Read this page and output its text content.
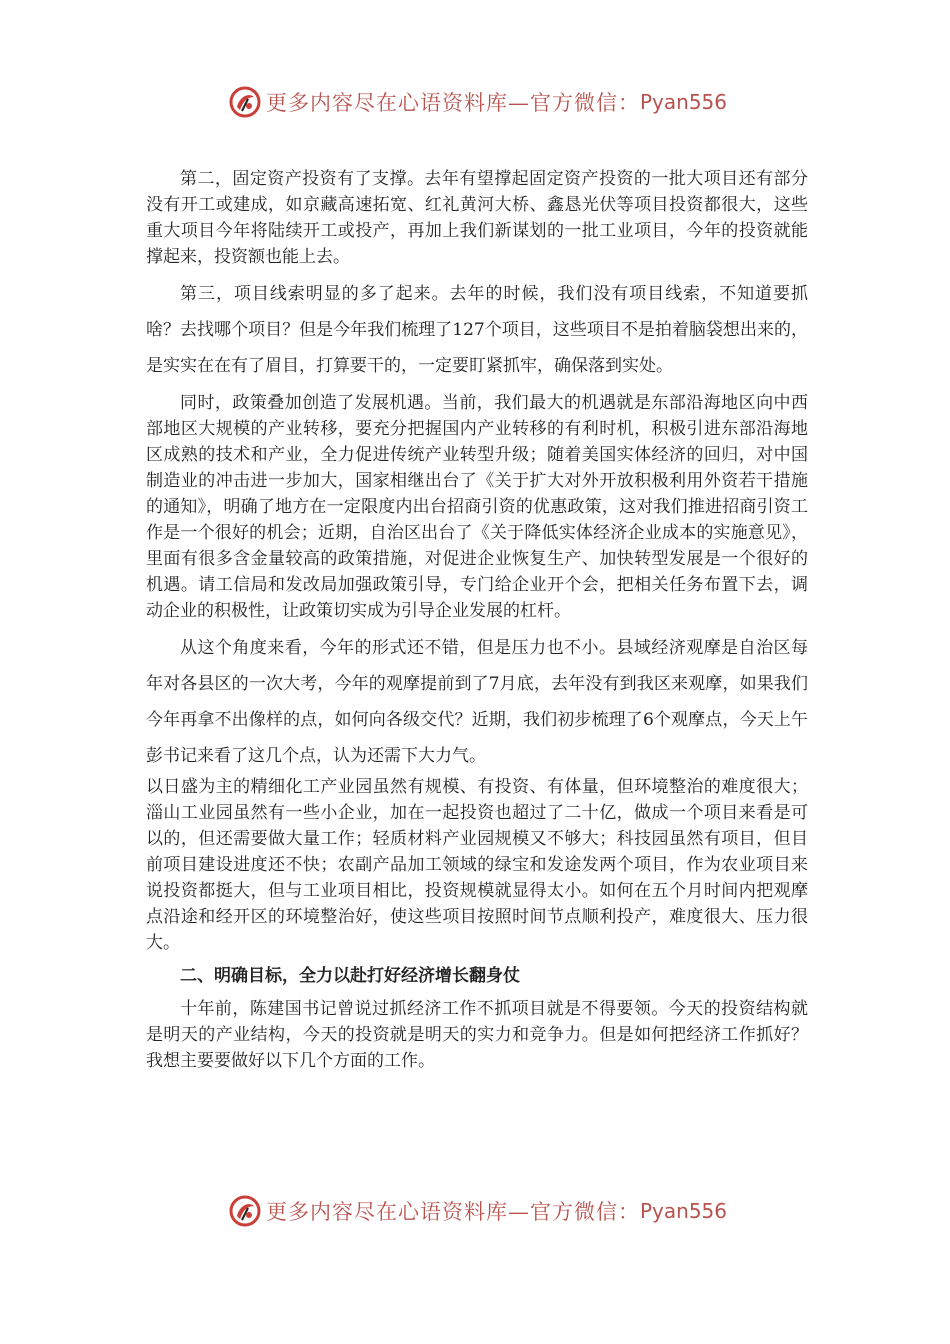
更多内容尽在心语资料库—官方微信： Pyan556

第二，固定资产投资有了支撑。去年有望撑起固定资产投资的一批大项目还有部分没有开工或建成，如京藏高速拓宽、红礼黄河大桥、鑫恳光伏等项目投资都很大，这些重大项目今年将陆续开工或投产，再加上我们新谋划的一批工业项目，今年的投资就能撑起来，投资额也能上去。

第三，项目线索明显的多了起来。去年的时候，我们没有项目线索，不知道要抓啥？去找哪个项目？但是今年我们梳理了127个项目，这些项目不是拍着脑袋想出来的，是实实在在有了眉目，打算要干的，一定要盯紧抓牢，确保落到实处。

同时，政策叠加创造了发展机遇。当前，我们最大的机遇就是东部沿海地区向中西部地区大规模的产业转移，要充分把握国内产业转移的有利时机，积极引进东部沿海地区成熟的技术和产业，全力促进传统产业转型升级；随着美国实体经济的回归，对中国制造业的冲击进一步加大，国家相继出台了《关于扩大对外开放积极利用外资若干措施的通知》，明确了地方在一定限度内出台招商引资的优惠政策，这对我们推进招商引资工作是一个很好的机会；近期，自治区出台了《关于降低实体经济企业成本的实施意见》，里面有很多含金量较高的政策措施，对促进企业恢复生产、加快转型发展是一个很好的机遇。请工信局和发改局加强政策引导，专门给企业开个会，把相关任务布置下去，调动企业的积极性，让政策切实成为引导企业发展的杠杆。

从这个角度来看，今年的形式还不错，但是压力也不小。县域经济观摩是自治区每年对各县区的一次大考，今年的观摩提前到了7月底，去年没有到我区来观摩，如果我们今年再拿不出像样的点，如何向各级交代？近期，我们初步梳理了6个观摩点，今天上午彭书记来看了这几个点，认为还需下大力气。

以日盛为主的精细化工产业园虽然有规模、有投资、有体量，但环境整治的难度很大；淄山工业园虽然有一些小企业，加在一起投资也超过了二十亿，做成一个项目来看是可以的，但还需要做大量工作；轻质材料产业园规模又不够大；科技园虽然有项目，但目前项目建设进度还不快；农副产品加工领域的绿宝和发途发两个项目，作为农业项目来说投资都挺大，但与工业项目相比，投资规模就显得太小。如何在五个月时间内把观摩点沿途和经开区的环境整治好，使这些项目按照时间节点顺利投产，难度很大、压力很大。

二、明确目标，全力以赴打好经济增长翻身仗

十年前，陈建国书记曾说过抓经济工作不抓项目就是不得要领。今天的投资结构就是明天的产业结构，今天的投资就是明天的实力和竞争力。但是如何把经济工作抓好？我想主要要做好以下几个方面的工作。

更多内容尽在心语资料库—官方微信： Pyan556
